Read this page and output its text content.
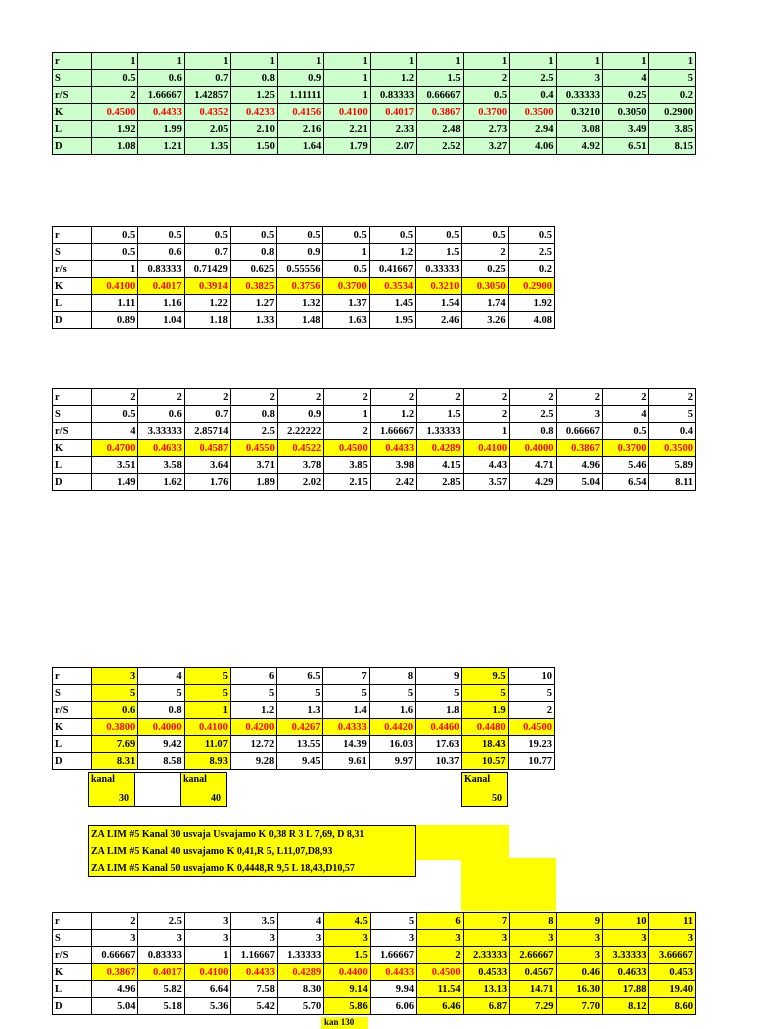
r	1	1	1	1	1	1	1	1	1	1	1	1	1
S	0.5	0.6	0.7	0.8	0.9	1	1.2	1.5	2	2.5	3	4	5
r/S	2	1.66667	1.42857	1.25	1.11111	1	0.83333	0.66667	0.5	0.4	0.33333	0.25	0.2
K	0.4500	0.4433	0.4352	0.4233	0.4156	0.4100	0.4017	0.3867	0.3700	0.3500	0.3210	0.3050	0.2900
L	1.92	1.99	2.05	2.10	2.16	2.21	2.33	2.48	2.73	2.94	3.08	3.49	3.85
D	1.08	1.21	1.35	1.50	1.64	1.79	2.07	2.52	3.27	4.06	4.92	6.51	8.15
r	0.5	0.5	0.5	0.5	0.5	0.5	0.5	0.5	0.5	0.5
S	0.5	0.6	0.7	0.8	0.9	1	1.2	1.5	2	2.5
r/s	1	0.83333	0.71429	0.625	0.55556	0.5	0.41667	0.33333	0.25	0.2
K	0.4100	0.4017	0.3914	0.3825	0.3756	0.3700	0.3534	0.3210	0.3050	0.2900
L	1.11	1.16	1.22	1.27	1.32	1.37	1.45	1.54	1.74	1.92
D	0.89	1.04	1.18	1.33	1.48	1.63	1.95	2.46	3.26	4.08
r	2	2	2	2	2	2	2	2	2	2	2	2	2
S	0.5	0.6	0.7	0.8	0.9	1	1.2	1.5	2	2.5	3	4	5
r/S	4	3.33333	2.85714	2.5	2.22222	2	1.66667	1.33333	1	0.8	0.66667	0.5	0.4
K	0.4700	0.4633	0.4587	0.4550	0.4522	0.4500	0.4433	0.4289	0.4100	0.4000	0.3867	0.3700	0.3500
L	3.51	3.58	3.64	3.71	3.78	3.85	3.98	4.15	4.43	4.71	4.96	5.46	5.89
D	1.49	1.62	1.76	1.89	2.02	2.15	2.42	2.85	3.57	4.29	5.04	6.54	8.11
r	3	4	5	6	6.5	7	8	9	9.5	10
S	5	5	5	5	5	5	5	5	5	5
r/S	0.6	0.8	1	1.2	1.3	1.4	1.6	1.8	1.9	2
K	0.3800	0.4000	0.4100	0.4200	0.4267	0.4333	0.4420	0.4460	0.4480	0.4500
L	7.69	9.42	11.07	12.72	13.55	14.39	16.03	17.63	18.43	19.23
D	8.31	8.58	8.93	9.28	9.45	9.61	9.97	10.37	10.57	10.77
kanal
30
kanal
40
Kanal
50
ZA LIM #5 Kanal 30 usvaja Usvajamo K 0,38 R 3 L 7,69, D 8,31
ZA LIM #5 Kanal 40 usvajamo K 0,41,R 5, L11,07,D8,93
ZA LIM #5 Kanal 50 usvajamo K 0,4448,R 9,5 L 18,43,D10,57
r	2	2.5	3	3.5	4	4.5	5	6	7	8	9	10	11
S	3	3	3	3	3	3	3	3	3	3	3	3	3
r/S	0.66667	0.83333	1	1.16667	1.33333	1.5	1.66667	2	2.33333	2.66667	3	3.33333	3.66667
K	0.3867	0.4017	0.4100	0.4433	0.4289	0.4400	0.4433	0.4500	0.4533	0.4567	0.46	0.4633	0.453
L	4.96	5.82	6.64	7.58	8.30	9.14	9.94	11.54	13.13	14.71	16.30	17.88	19.40
D	5.04	5.18	5.36	5.42	5.70	5.86	6.06	6.46	6.87	7.29	7.70	8.12	8.60
kan 130
